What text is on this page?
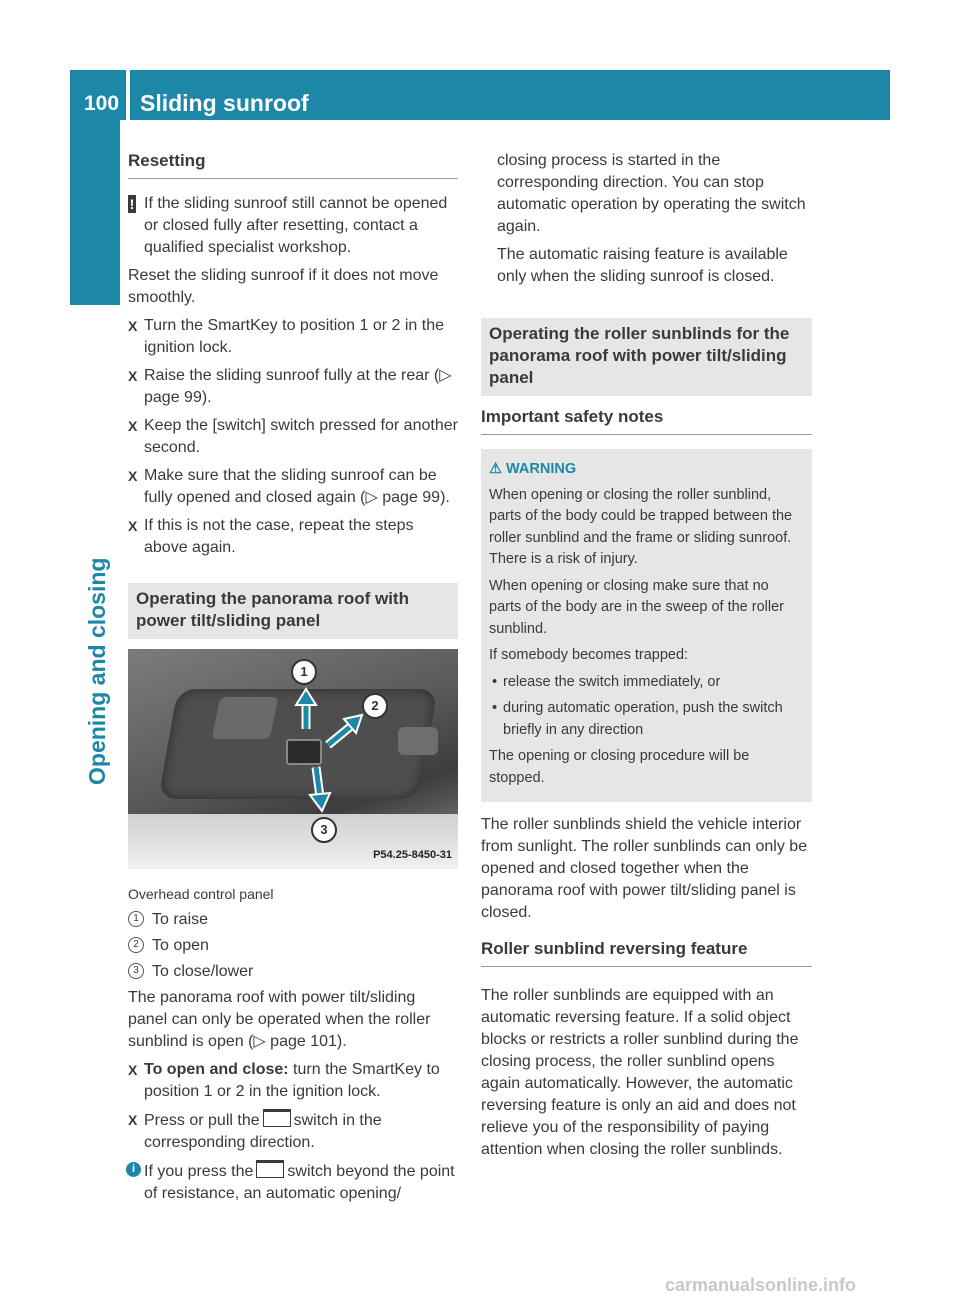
100 Sliding sunroof
Opening and closing
Resetting
! If the sliding sunroof still cannot be opened or closed fully after resetting, contact a qualified specialist workshop.

Reset the sliding sunroof if it does not move smoothly.

X Turn the SmartKey to position 1 or 2 in the ignition lock.
X Raise the sliding sunroof fully at the rear (▷ page 99).
X Keep the [switch] switch pressed for another second.
X Make sure that the sliding sunroof can be fully opened and closed again (▷ page 99).
X If this is not the case, repeat the steps above again.
Operating the panorama roof with power tilt/sliding panel
1
2
3
P54.25-8450-31

Overhead control panel

1 To raise
2 To open
3 To close/lower

The panorama roof with power tilt/sliding panel can only be operated when the roller sunblind is open (▷ page 101).

X To open and close: turn the SmartKey to position 1 or 2 in the ignition lock.
X Press or pull the switch in the corresponding direction.
i If you press the switch beyond the point of resistance, an automatic opening/

closing process is started in the corresponding direction. You can stop automatic operation by operating the switch again.

The automatic raising feature is available only when the sliding sunroof is closed.

Operating the roller sunblinds for the panorama roof with power tilt/sliding panel
Important safety notes
⚠ WARNING

When opening or closing the roller sunblind, parts of the body could be trapped between the roller sunblind and the frame or sliding sunroof. There is a risk of injury.

When opening or closing make sure that no parts of the body are in the sweep of the roller sunblind.

If somebody becomes trapped:

• release the switch immediately, or

• during automatic operation, push the switch briefly in any direction

The opening or closing procedure will be stopped.

The roller sunblinds shield the vehicle interior from sunlight. The roller sunblinds can only be opened and closed together when the panorama roof with power tilt/sliding panel is closed.

Roller sunblind reversing feature

The roller sunblinds are equipped with an automatic reversing feature. If a solid object blocks or restricts a roller sunblind during the closing process, the roller sunblind opens again automatically. However, the automatic reversing feature is only an aid and does not relieve you of the responsibility of paying attention when closing the roller sunblinds.

carmanualsonline.info
